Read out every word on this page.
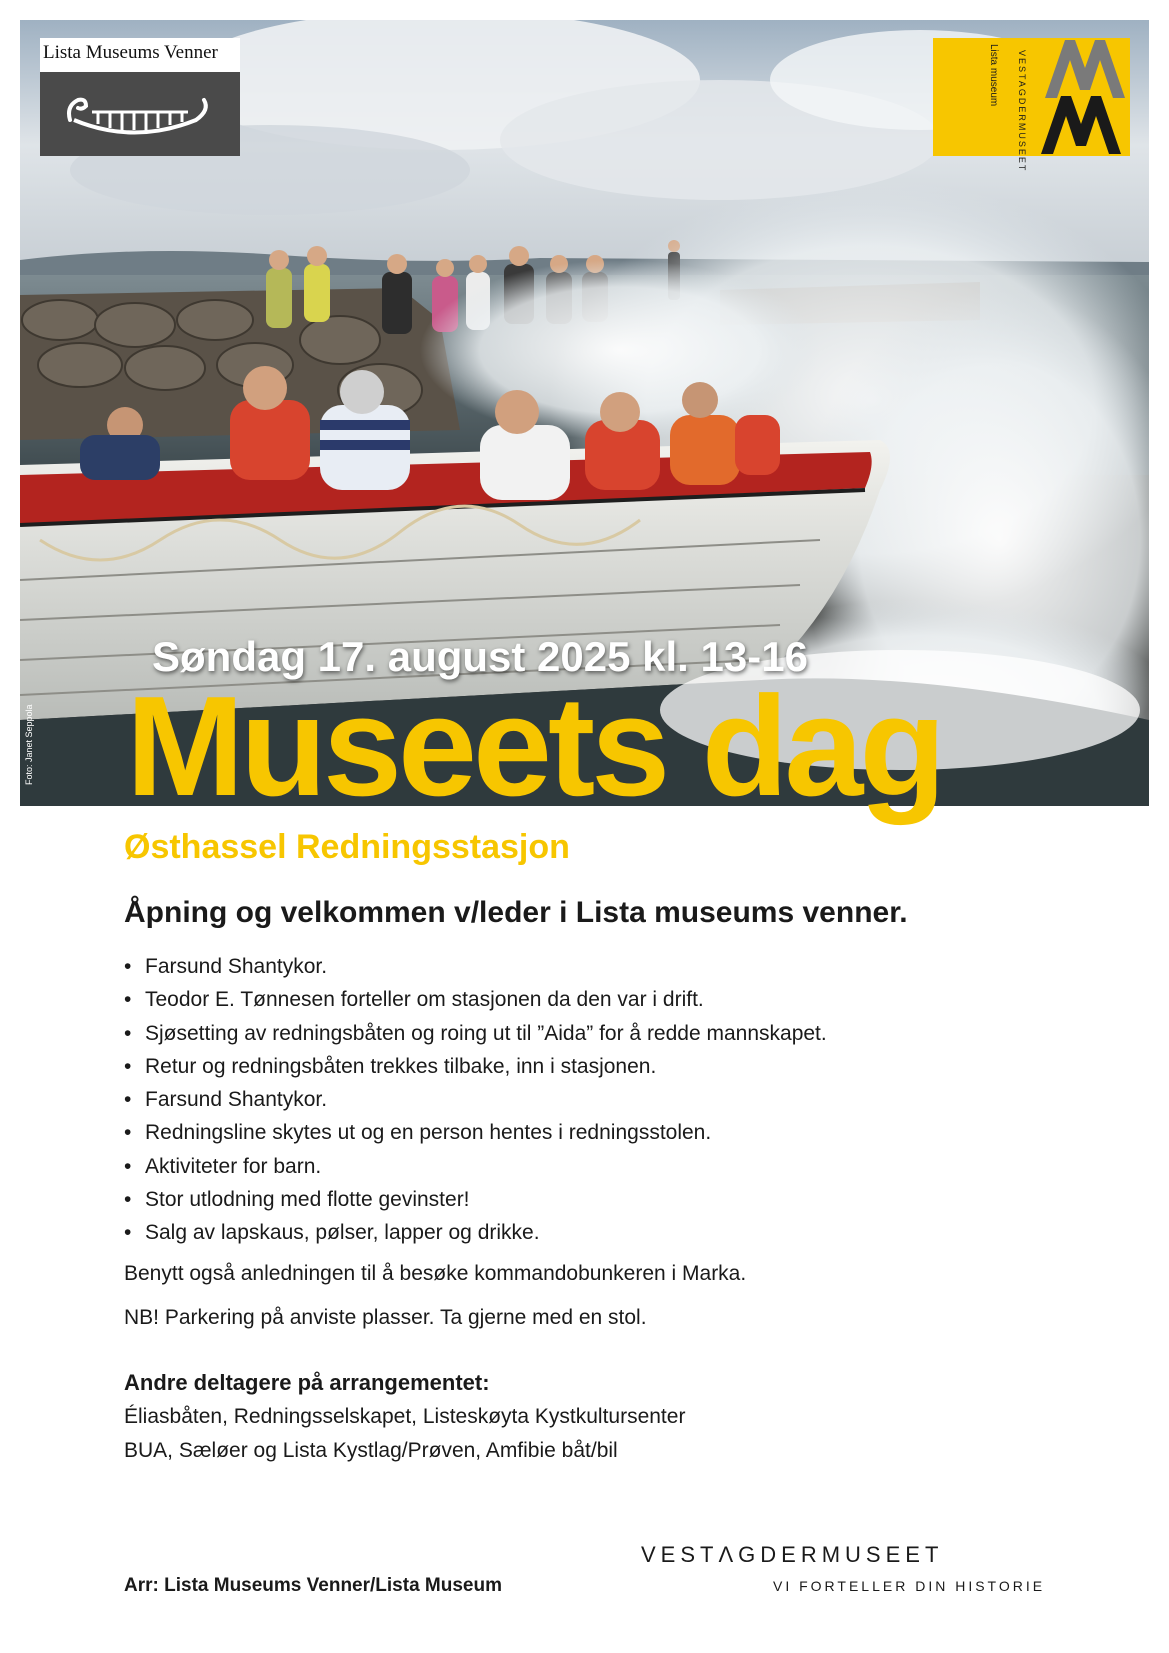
Foto: Janet Seppola
Lista Museums Venner	Lista museum VESTAGDERMUSEET
Søndag 17. august 2025 kl. 13-16
Museets dag
Østhassel Redningsstasjon
Åpning og velkommen v/leder i Lista museums venner.
• Farsund Shantykor.
• Teodor E. Tønnesen forteller om stasjonen da den var i drift.
• Sjøsetting av redningsbåten og roing ut til ”Aida” for å redde mannskapet.
• Retur og redningsbåten trekkes tilbake, inn i stasjonen.
• Farsund Shantykor.
• Redningsline skytes ut og en person hentes i redningsstolen.
• Aktiviteter for barn.
• Stor utlodning med flotte gevinster!
• Salg av lapskaus, pølser, lapper og drikke.
Benytt også anledningen til å besøke kommandobunkeren i Marka.
NB! Parkering på anviste plasser. Ta gjerne med en stol.
Andre deltagere på arrangementet:
Éliasbåten, Redningsselskapet, Listeskøyta Kystkultursenter
BUA, Sæløer og Lista Kystlag/Prøven, Amfibie båt/bil
Arr: Lista Museums Venner/Lista Museum
VESTΛGDERMUSEET
VI FORTELLER DIN HISTORIE
